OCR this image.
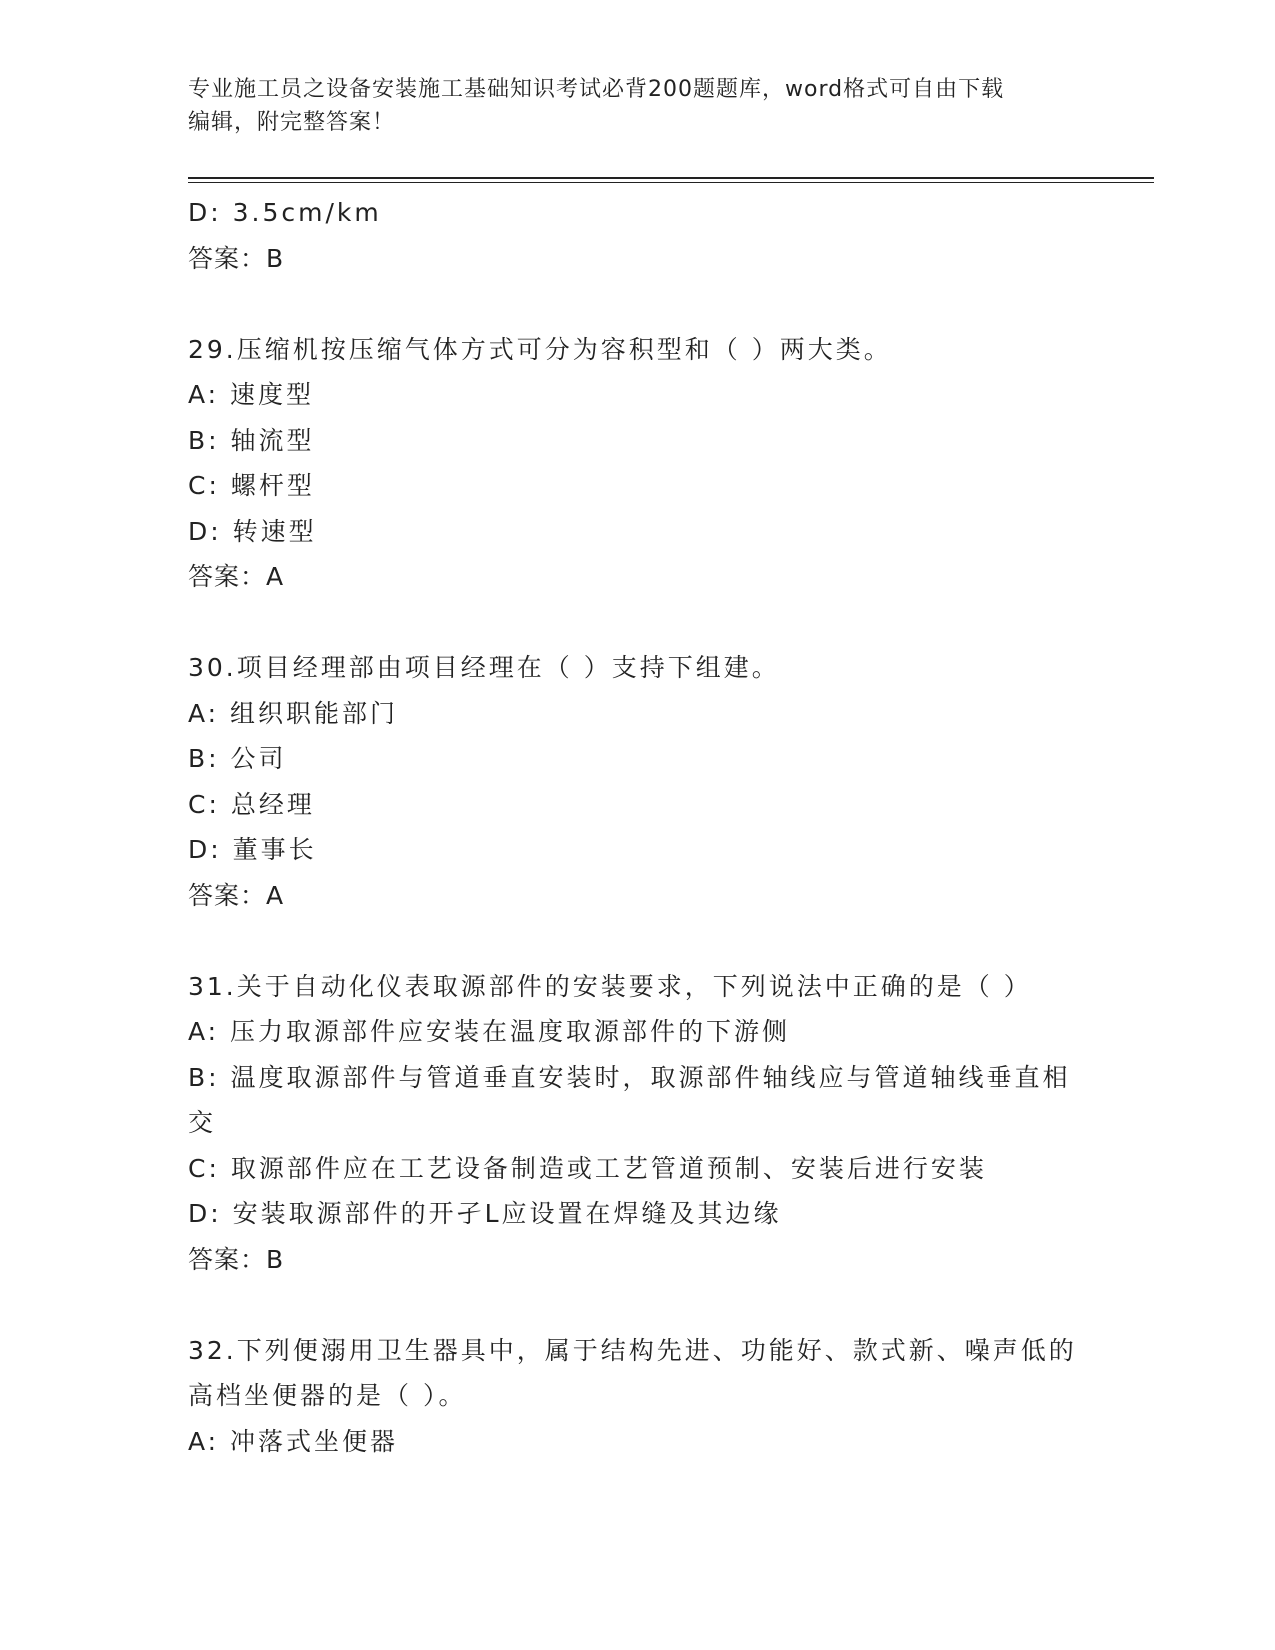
专业施工员之设备安装施工基础知识考试必背200题题库，word格式可自由下载
编辑，附完整答案！
D: 3.5cm/km
答案：B
29.压缩机按压缩气体方式可分为容积型和（ ）两大类。
A: 速度型
B: 轴流型
C: 螺杆型
D: 转速型
答案：A
30.项目经理部由项目经理在（ ）支持下组建。
A: 组织职能部门
B: 公司
C: 总经理
D: 董事长
答案：A
31.关于自动化仪表取源部件的安装要求，下列说法中正确的是（ ）
A: 压力取源部件应安装在温度取源部件的下游侧
B: 温度取源部件与管道垂直安装时，取源部件轴线应与管道轴线垂直相交
C: 取源部件应在工艺设备制造或工艺管道预制、安装后进行安装
D: 安装取源部件的开孑L应设置在焊缝及其边缘
答案：B
32.下列便溺用卫生器具中，属于结构先进、功能好、款式新、噪声低的高档坐便器的是（ ）。
A: 冲落式坐便器
